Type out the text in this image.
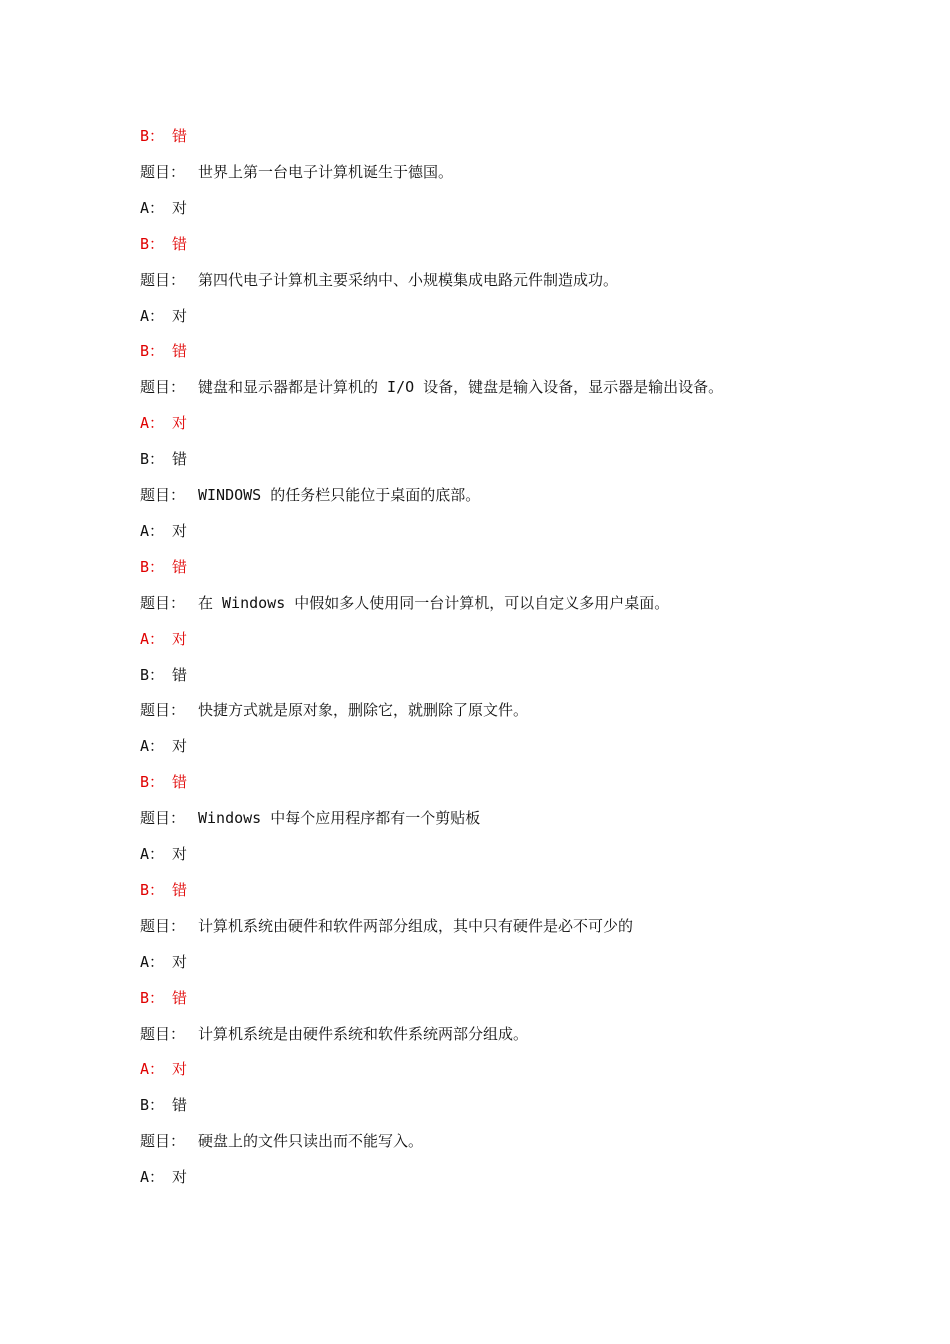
B： 错
题目： 世界上第一台电子计算机诞生于德国。
A： 对
B： 错
题目： 第四代电子计算机主要采纳中、小规模集成电路元件制造成功。
A： 对
B： 错
题目： 键盘和显示器都是计算机的 I/O 设备，键盘是输入设备，显示器是输出设备。
A： 对
B： 错
题目： WINDOWS 的任务栏只能位于桌面的底部。
A： 对
B： 错
题目： 在 Windows 中假如多人使用同一台计算机，可以自定义多用户桌面。
A： 对
B： 错
题目： 快捷方式就是原对象，删除它，就删除了原文件。
A： 对
B： 错
题目： Windows 中每个应用程序都有一个剪贴板
A： 对
B： 错
题目： 计算机系统由硬件和软件两部分组成，其中只有硬件是必不可少的
A： 对
B： 错
题目： 计算机系统是由硬件系统和软件系统两部分组成。
A： 对
B： 错
题目： 硬盘上的文件只读出而不能写入。
A： 对
